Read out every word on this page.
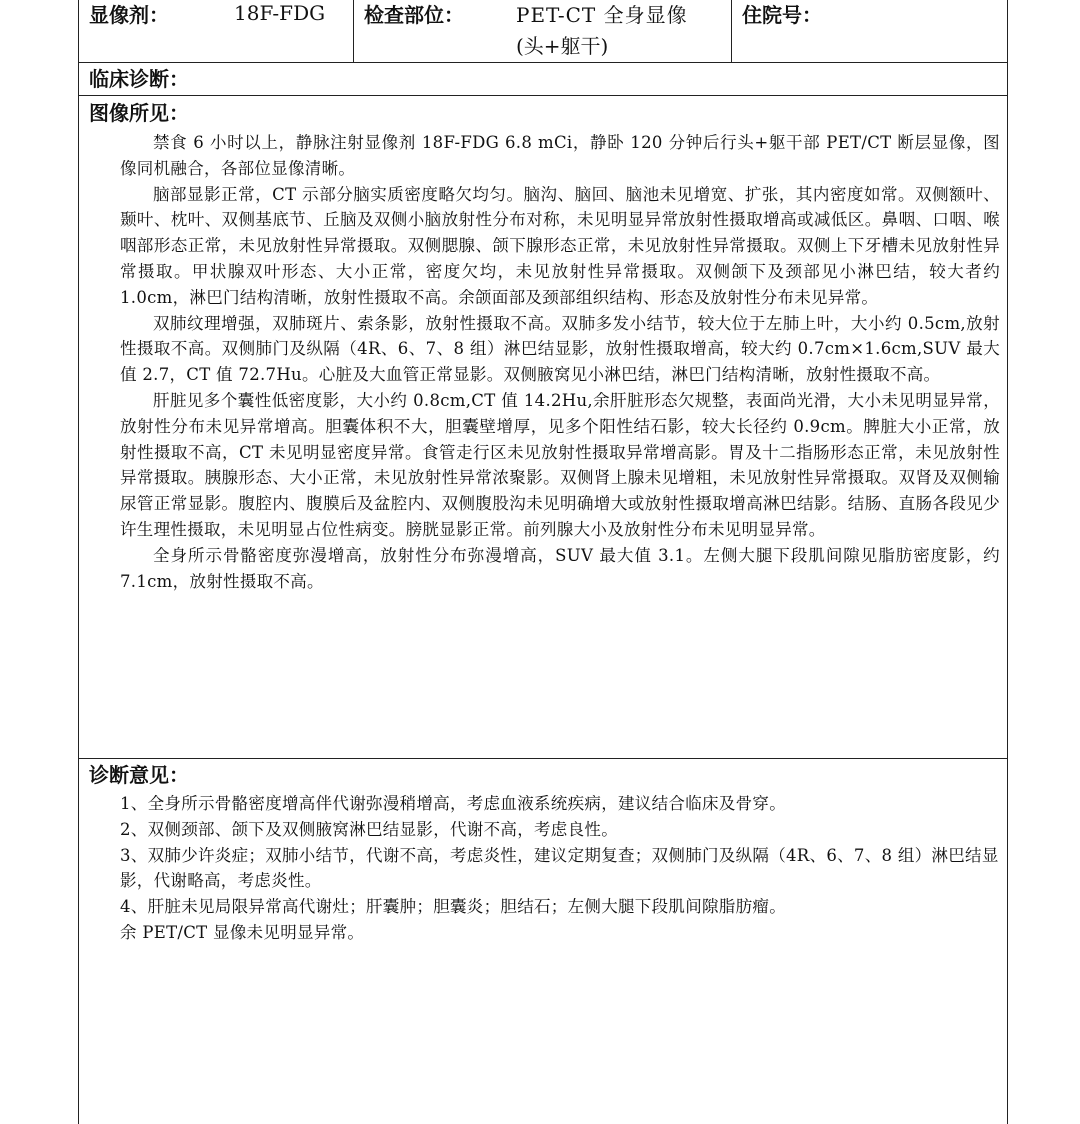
显像剂：	18F-FDG 检查部位：	PET-CT 全身显像
(头+躯干)
住院号：
临床诊断：
图像所见：

禁食 6 小时以上，静脉注射显像剂 18F-FDG 6.8 mCi，静卧 120 分钟后行头+躯干部 PET/CT 断层显像，图像同机融合，各部位显像清晰。

脑部显影正常，CT 示部分脑实质密度略欠均匀。脑沟、脑回、脑池未见增宽、扩张，其内密度如常。双侧额叶、颞叶、枕叶、双侧基底节、丘脑及双侧小脑放射性分布对称，未见明显异常放射性摄取增高或减低区。鼻咽、口咽、喉咽部形态正常，未见放射性异常摄取。双侧腮腺、颌下腺形态正常，未见放射性异常摄取。双侧上下牙槽未见放射性异常摄取。甲状腺双叶形态、大小正常，密度欠均，未见放射性异常摄取。双侧颌下及颈部见小淋巴结，较大者约 1.0cm，淋巴门结构清晰，放射性摄取不高。余颌面部及颈部组织结构、形态及放射性分布未见异常。

双肺纹理增强，双肺斑片、索条影，放射性摄取不高。双肺多发小结节，较大位于左肺上叶，大小约 0.5cm,放射性摄取不高。双侧肺门及纵隔（4R、6、7、8 组）淋巴结显影，放射性摄取增高，较大约 0.7cm×1.6cm,SUV 最大值 2.7，CT 值 72.7Hu。心脏及大血管正常显影。双侧腋窝见小淋巴结，淋巴门结构清晰，放射性摄取不高。

肝脏见多个囊性低密度影，大小约 0.8cm,CT 值 14.2Hu,余肝脏形态欠规整，表面尚光滑，大小未见明显异常，放射性分布未见异常增高。胆囊体积不大，胆囊壁增厚，见多个阳性结石影，较大长径约 0.9cm。脾脏大小正常，放射性摄取不高，CT 未见明显密度异常。食管走行区未见放射性摄取异常增高影。胃及十二指肠形态正常，未见放射性异常摄取。胰腺形态、大小正常，未见放射性异常浓聚影。双侧肾上腺未见增粗，未见放射性异常摄取。双肾及双侧输尿管正常显影。腹腔内、腹膜后及盆腔内、双侧腹股沟未见明确增大或放射性摄取增高淋巴结影。结肠、直肠各段见少许生理性摄取，未见明显占位性病变。膀胱显影正常。前列腺大小及放射性分布未见明显异常。

全身所示骨骼密度弥漫增高，放射性分布弥漫增高，SUV 最大值 3.1。左侧大腿下段肌间隙见脂肪密度影，约 7.1cm，放射性摄取不高。

诊断意见：
1、全身所示骨骼密度增高伴代谢弥漫稍增高，考虑血液系统疾病，建议结合临床及骨穿。
2、双侧颈部、颌下及双侧腋窝淋巴结显影，代谢不高，考虑良性。
3、双肺少许炎症；双肺小结节，代谢不高，考虑炎性，建议定期复查；双侧肺门及纵隔（4R、6、7、8 组）淋巴结显影，代谢略高，考虑炎性。
4、肝脏未见局限异常高代谢灶；肝囊肿；胆囊炎；胆结石；左侧大腿下段肌间隙脂肪瘤。
余 PET/CT 显像未见明显异常。
